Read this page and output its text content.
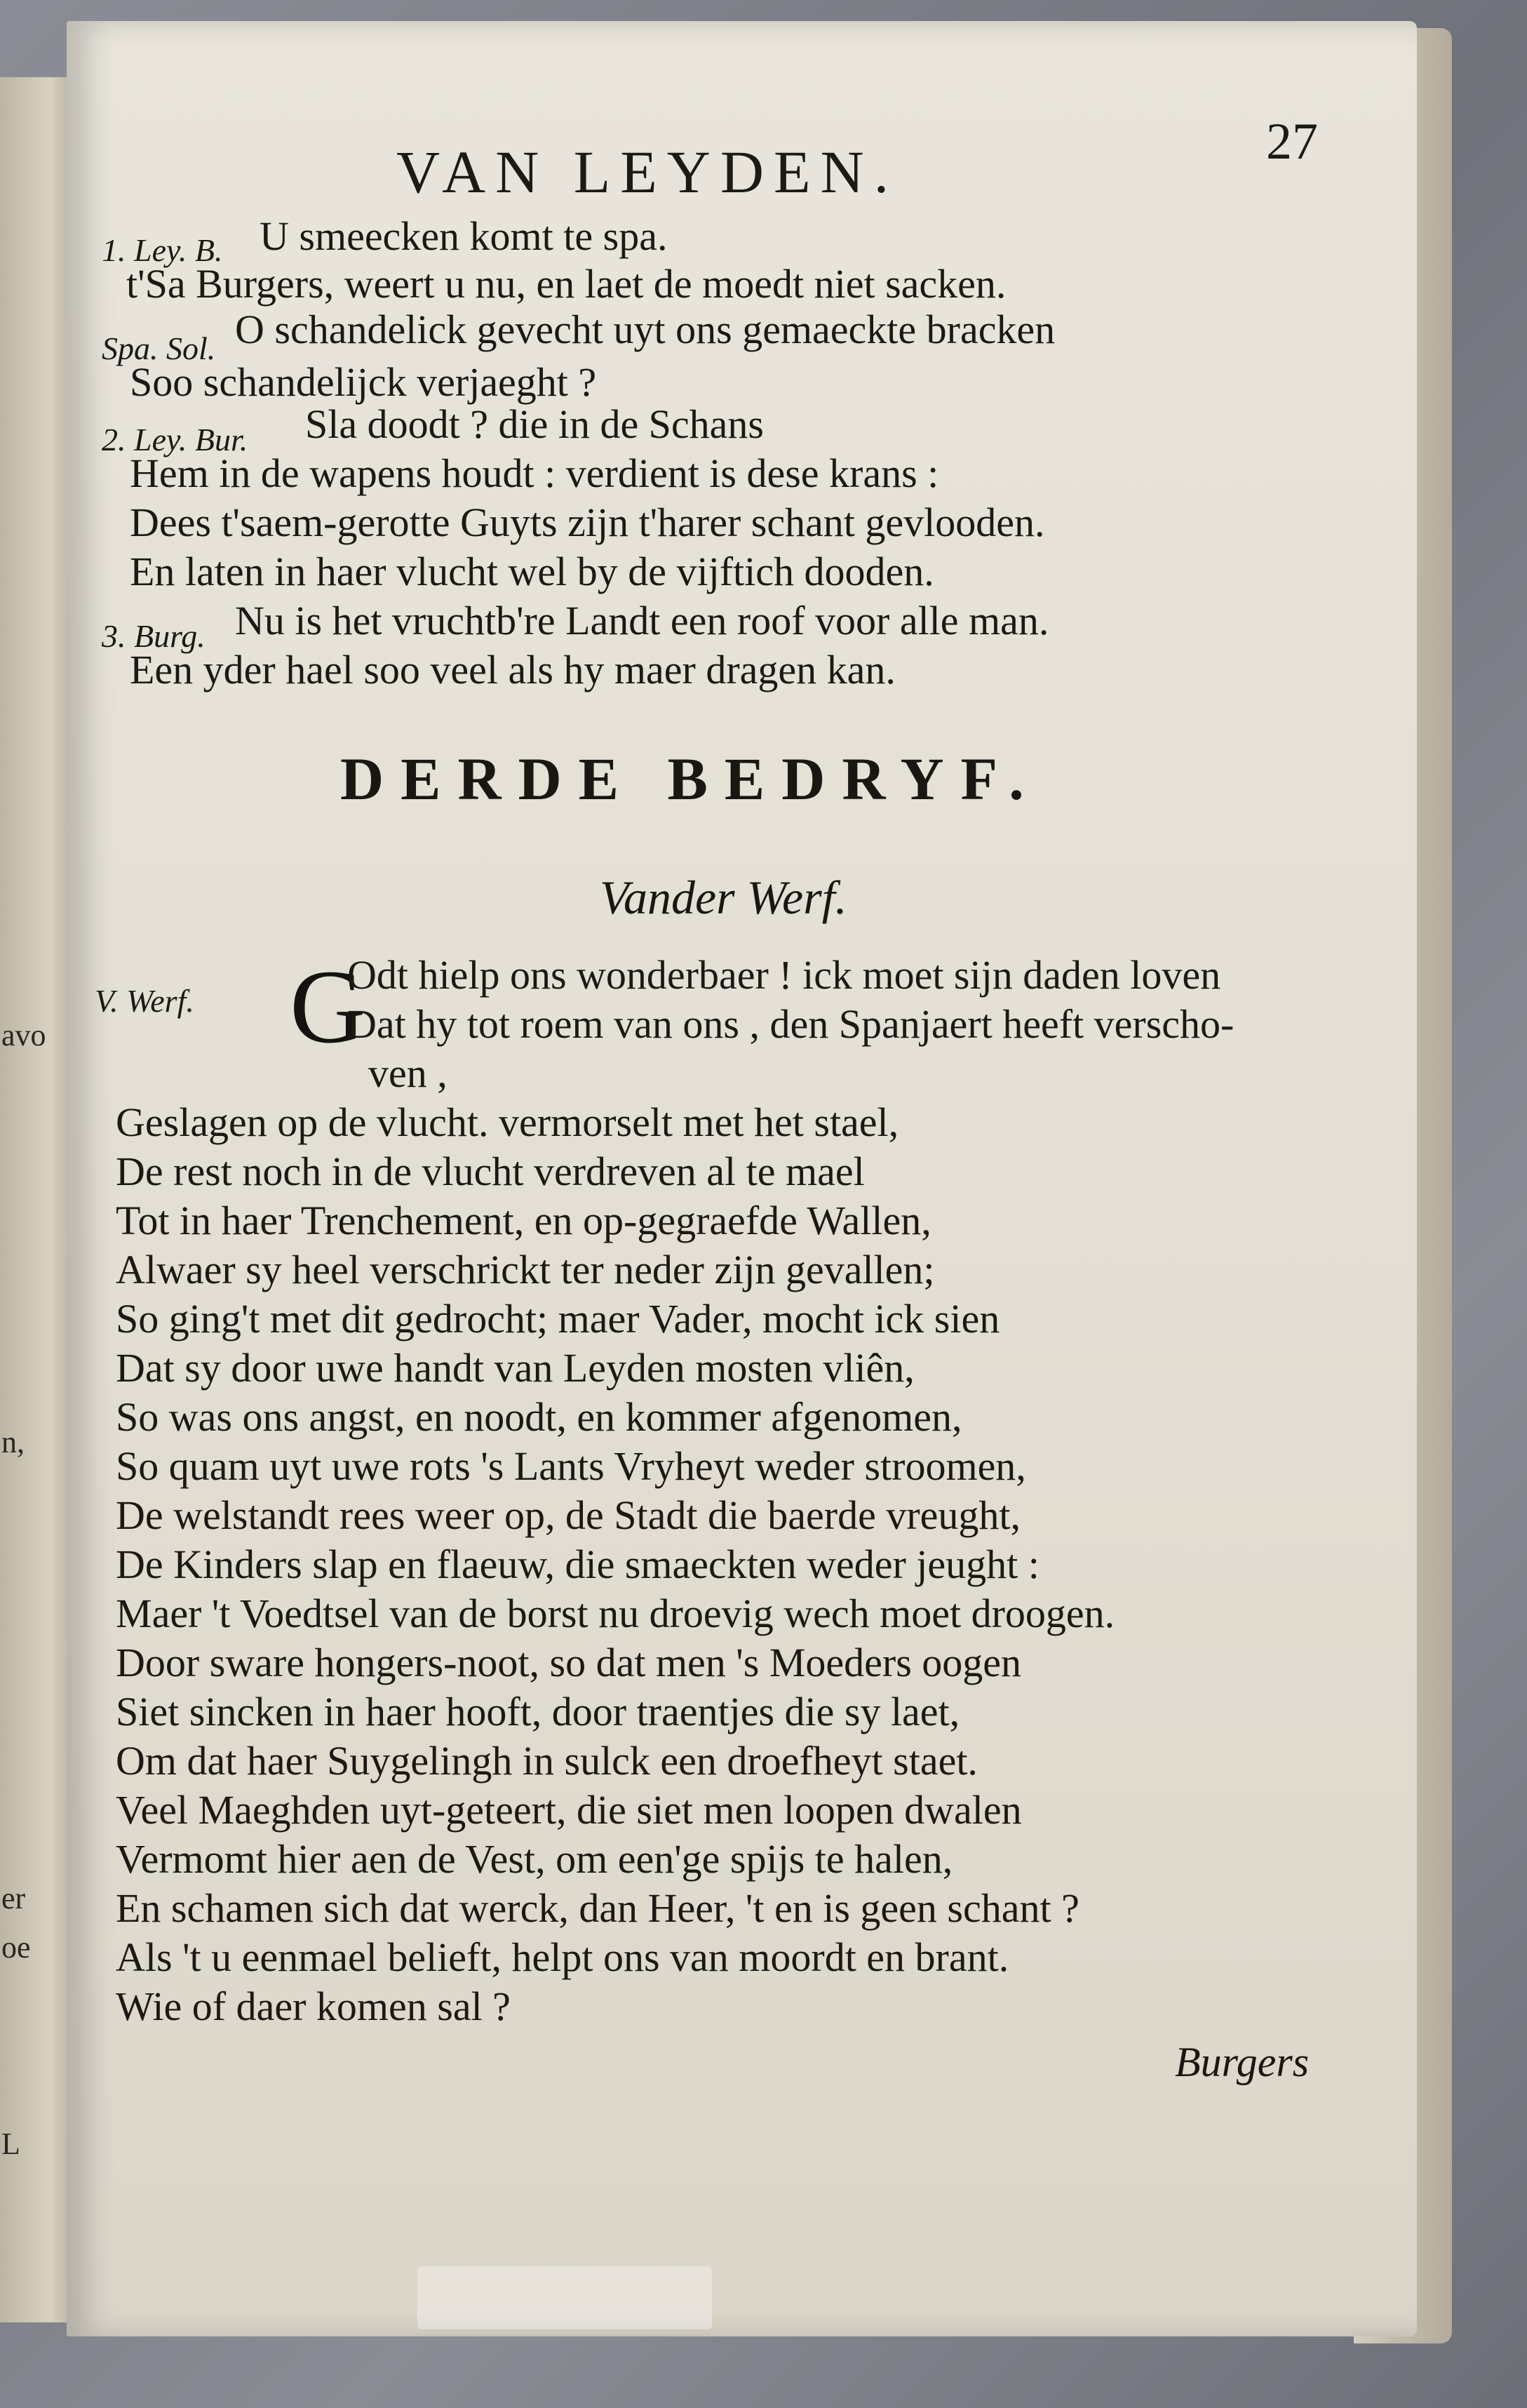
avo
n,
er
oe
L
VAN LEYDEN.	27
1. Ley. B. U smeecken komt te spa.
t'Sa Burgers, weert u nu, en laet de moedt niet sacken.
Spa. Sol. O schandelick gevecht uyt ons gemaeckte bracken
Soo schandelijck verjaeght ?
2. Ley. Bur. Sla doodt ? die in de Schans
Hem in de wapens houdt : verdient is dese krans :
Dees t'saem-gerotte Guyts zijn t'harer schant gevlooden.
En laten in haer vlucht wel by de vijftich dooden.
3. Burg. Nu is het vruchtb're Landt een roof voor alle man.
Een yder hael soo veel als hy maer dragen kan.
DERDE BEDRYF.
Vander Werf.
V. Werf. G
Odt hielp ons wonderbaer ! ick moet sijn daden loven
Dat hy tot roem van ons , den Spanjaert heeft verscho-
ven ,
Geslagen op de vlucht. vermorselt met het stael,
De rest noch in de vlucht verdreven al te mael
Tot in haer Trenchement, en op-gegraefde Wallen,
Alwaer sy heel verschrickt ter neder zijn gevallen;
So ging't met dit gedrocht; maer Vader, mocht ick sien
Dat sy door uwe handt van Leyden mosten vliên,
So was ons angst, en noodt, en kommer afgenomen,
So quam uyt uwe rots 's Lants Vryheyt weder stroomen,
De welstandt rees weer op, de Stadt die baerde vreught,
De Kinders slap en flaeuw, die smaeckten weder jeught :
Maer 't Voedtsel van de borst nu droevig wech moet droogen.
Door sware hongers-noot, so dat men 's Moeders oogen
Siet sincken in haer hooft, door traentjes die sy laet,
Om dat haer Suygelingh in sulck een droefheyt staet.
Veel Maeghden uyt-geteert, die siet men loopen dwalen
Vermomt hier aen de Vest, om een'ge spijs te halen,
En schamen sich dat werck, dan Heer, 't en is geen schant ?
Als 't u eenmael belieft, helpt ons van moordt en brant.
Wie of daer komen sal ?
Burgers
